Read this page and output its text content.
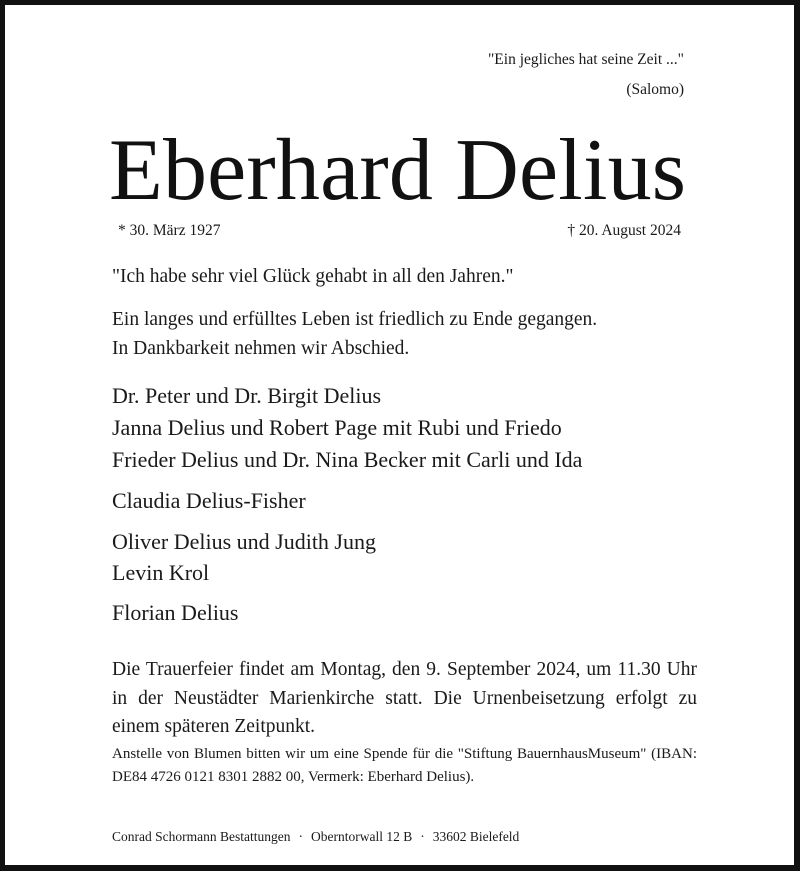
"Ein jegliches hat seine Zeit ..."
(Salomo)
Eberhard Delius
* 30. März 1927	† 20. August 2024
"Ich habe sehr viel Glück gehabt in all den Jahren."
Ein langes und erfülltes Leben ist friedlich zu Ende gegangen.
In Dankbarkeit nehmen wir Abschied.
Dr. Peter und Dr. Birgit Delius
Janna Delius und Robert Page mit Rubi und Friedo
Frieder Delius und Dr. Nina Becker mit Carli und Ida
Claudia Delius-Fisher
Oliver Delius und Judith Jung
Levin Krol
Florian Delius
Die Trauerfeier findet am Montag, den 9. September 2024, um 11.30 Uhr in der Neustädter Marienkirche statt. Die Urnenbeisetzung erfolgt zu einem späteren Zeitpunkt.
Anstelle von Blumen bitten wir um eine Spende für die "Stiftung BauernhausMuseum" (IBAN: DE84 4726 0121 8301 2882 00, Vermerk: Eberhard Delius).
Conrad Schormann Bestattungen · Oberntorwall 12 B · 33602 Bielefeld
